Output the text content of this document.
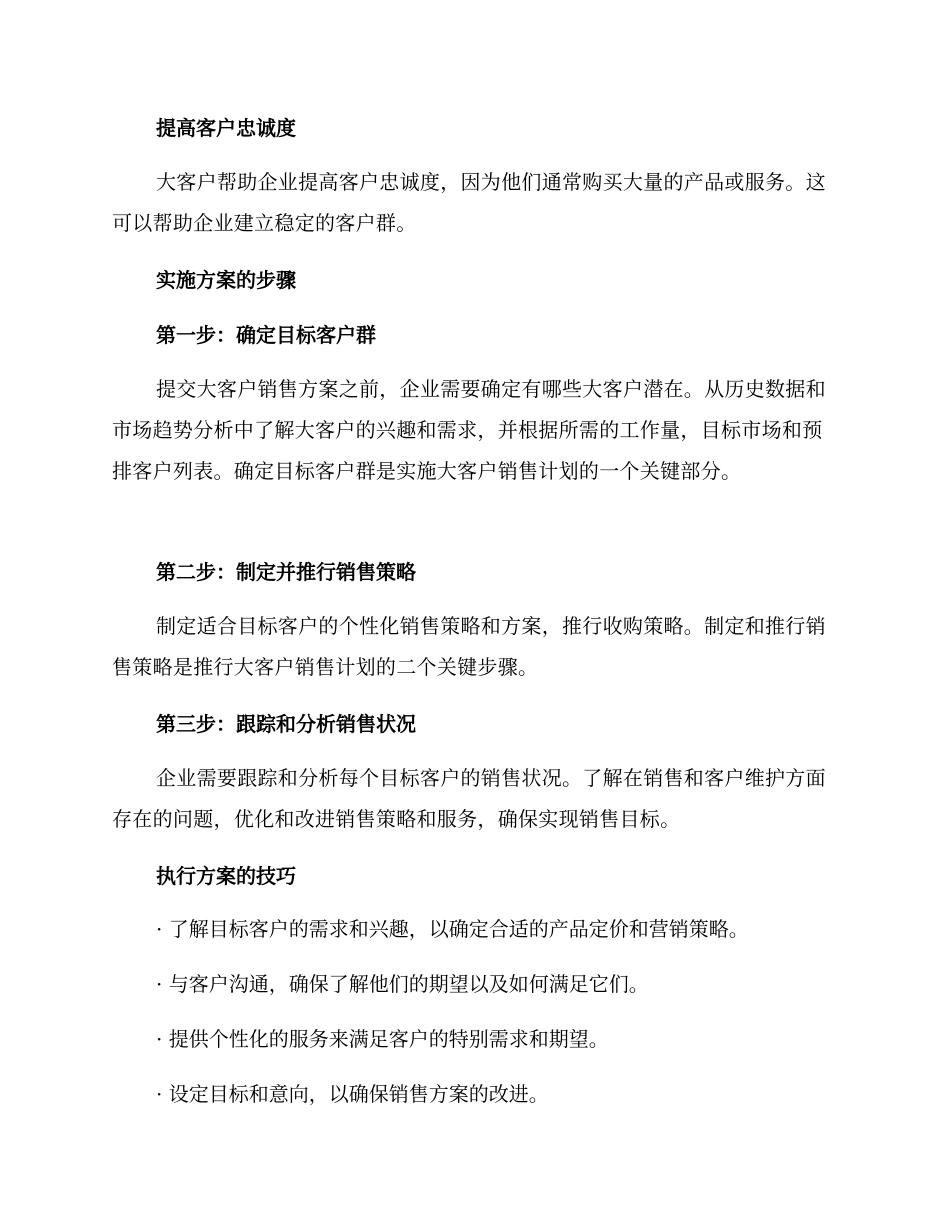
提高客户忠诚度
大客户帮助企业提高客户忠诚度，因为他们通常购买大量的产品或服务。这可以帮助企业建立稳定的客户群。
实施方案的步骤
第一步：确定目标客户群
提交大客户销售方案之前，企业需要确定有哪些大客户潜在。从历史数据和市场趋势分析中了解大客户的兴趣和需求，并根据所需的工作量，目标市场和预排客户列表。确定目标客户群是实施大客户销售计划的一个关键部分。
第二步：制定并推行销售策略
制定适合目标客户的个性化销售策略和方案，推行收购策略。制定和推行销售策略是推行大客户销售计划的二个关键步骤。
第三步：跟踪和分析销售状况
企业需要跟踪和分析每个目标客户的销售状况。了解在销售和客户维护方面存在的问题，优化和改进销售策略和服务，确保实现销售目标。
执行方案的技巧
· 了解目标客户的需求和兴趣，以确定合适的产品定价和营销策略。
· 与客户沟通，确保了解他们的期望以及如何满足它们。
· 提供个性化的服务来满足客户的特别需求和期望。
· 设定目标和意向，以确保销售方案的改进。
